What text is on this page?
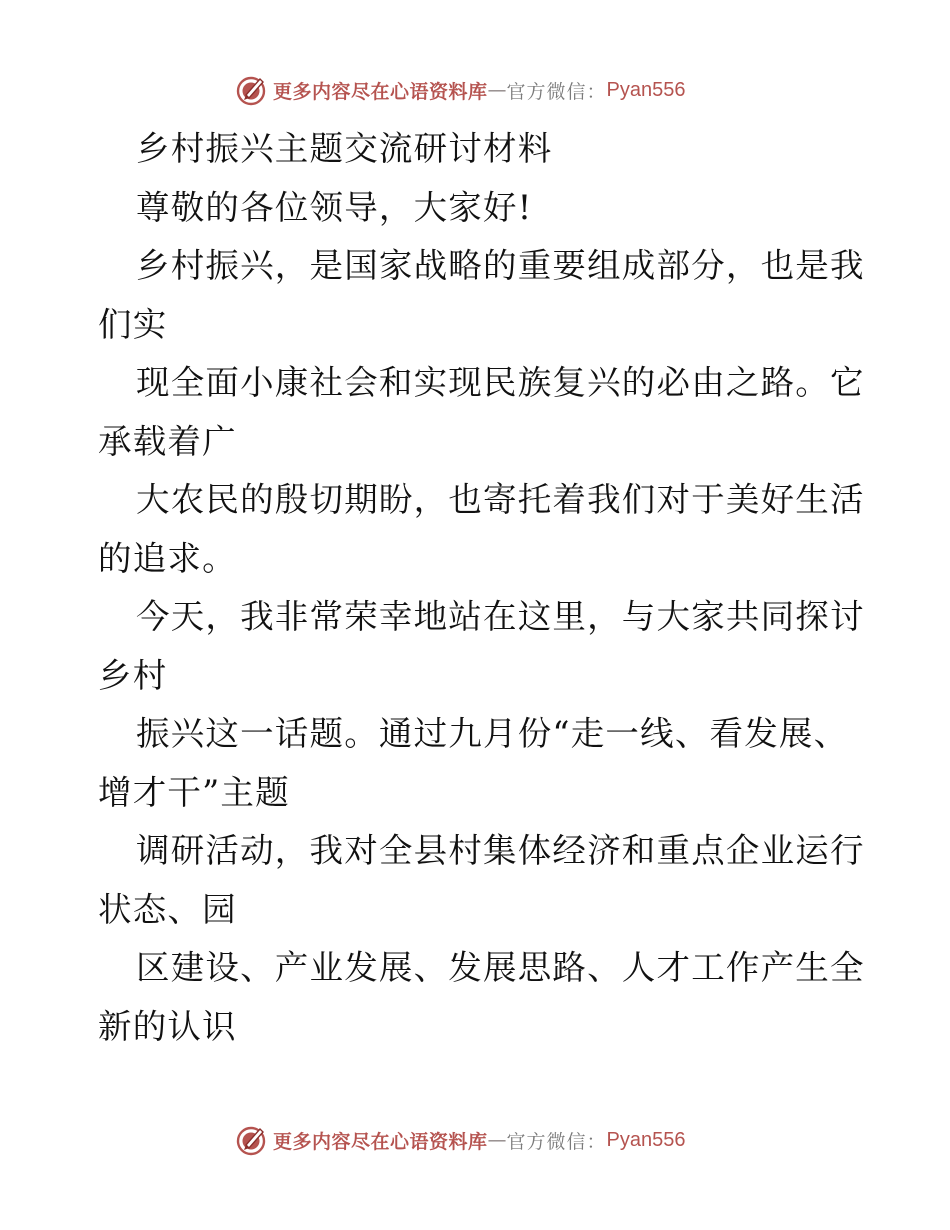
更多内容尽在心语资料库 — 官方微信： Pyan556
乡村振兴主题交流研讨材料
尊敬的各位领导，大家好!
乡村振兴，是国家战略的重要组成部分，也是我
们实
现全面小康社会和实现民族复兴的必由之路。它
承载着广
大农民的殷切期盼，也寄托着我们对于美好生活
的追求。
今天，我非常荣幸地站在这里，与大家共同探讨
乡村
振兴这一话题。通过九月份“走一线、看发展、
增才干”主题
调研活动，我对全县村集体经济和重点企业运行
状态、园
区建设、产业发展、发展思路、人才工作产生全
新的认识
更多内容尽在心语资料库 — 官方微信： Pyan556
